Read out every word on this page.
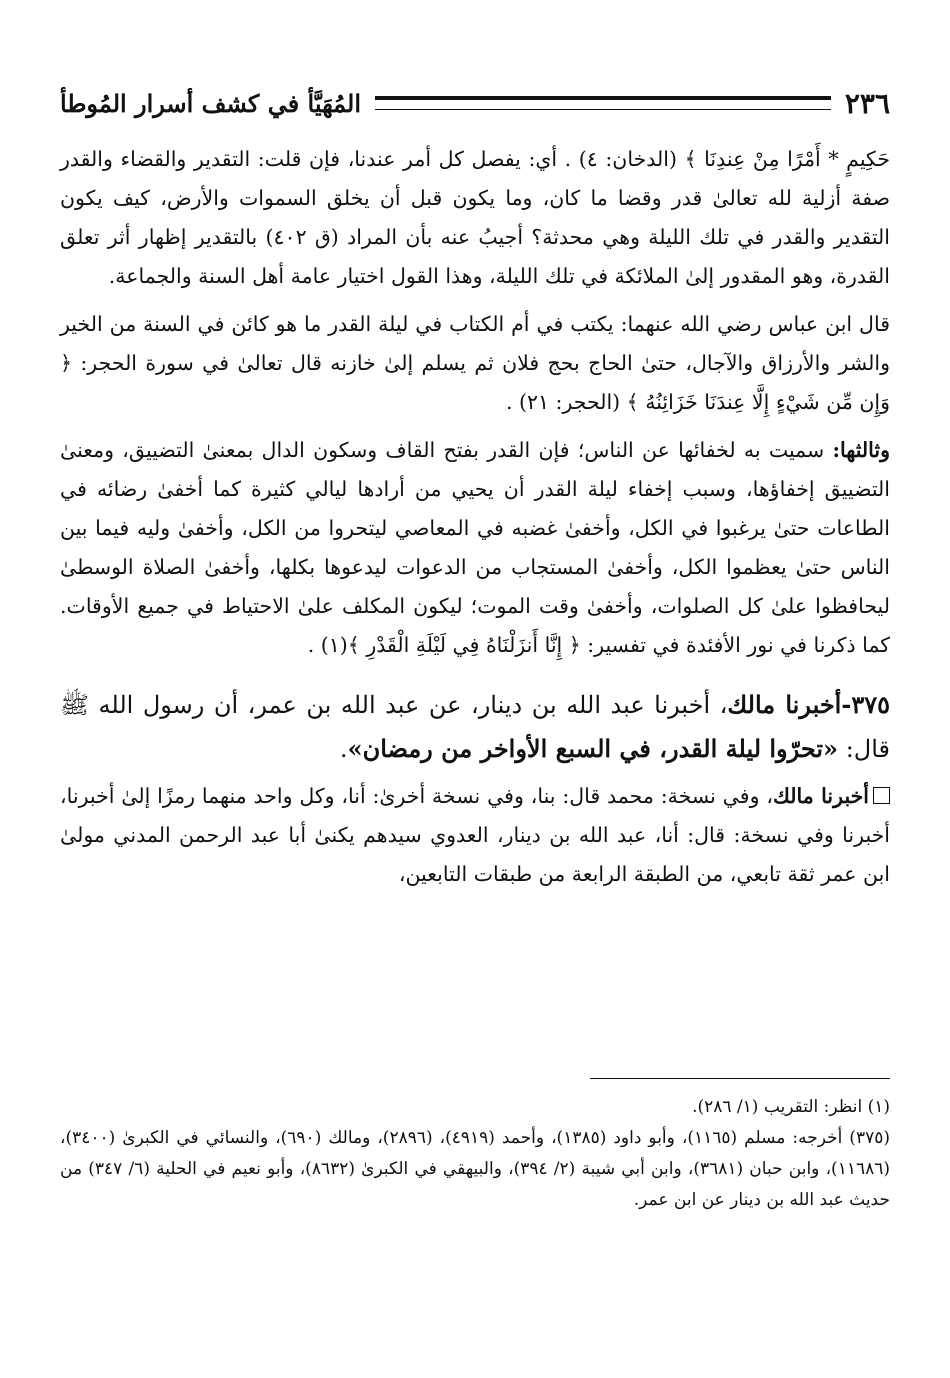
٢٣٦
المُهَيَّأ في كشف أسرار المُوطأ

حَكِيمٍ * أَمْرًا مِنْ عِندِنَا ﴾ (الدخان: ٤) . أي: يفصل كل أمر عندنا، فإن قلت: التقدير والقضاء والقدر صفة أزلية لله تعالىٰ قدر وقضا ما كان، وما يكون قبل أن يخلق السموات والأرض، كيف يكون التقدير والقدر في تلك الليلة وهي محدثة؟ أجيبُ عنه بأن المراد (ق ٤٠٢) بالتقدير إظهار أثر تعلق القدرة، وهو المقدور إلىٰ الملائكة في تلك الليلة، وهذا القول اختيار عامة أهل السنة والجماعة.

قال ابن عباس رضي الله عنهما: يكتب في أم الكتاب في ليلة القدر ما هو كائن في السنة من الخير والشر والأرزاق والآجال، حتىٰ الحاج بحج فلان ثم يسلم إلىٰ خازنه قال تعالىٰ في سورة الحجر: ﴿ وَإِن مِّن شَيْءٍ إِلَّا عِندَنَا خَزَائِنُهُ ﴾ (الحجر: ٢١) .

وثالثها: سميت به لخفائها عن الناس؛ فإن القدر بفتح القاف وسكون الدال بمعنىٰ التضييق، ومعنىٰ التضييق إخفاؤها، وسبب إخفاء ليلة القدر أن يحيي من أرادها ليالي كثيرة كما أخفىٰ رضائه في الطاعات حتىٰ يرغبوا في الكل، وأخفىٰ غضبه في المعاصي ليتحروا من الكل، وأخفىٰ وليه فيما بين الناس حتىٰ يعظموا الكل، وأخفىٰ المستجاب من الدعوات ليدعوها بكلها، وأخفىٰ الصلاة الوسطىٰ ليحافظوا علىٰ كل الصلوات، وأخفىٰ وقت الموت؛ ليكون المكلف علىٰ الاحتياط في جميع الأوقات. كما ذكرنا في نور الأفئدة في تفسير: ﴿ إِنَّا أَنزَلْنَاهُ فِي لَيْلَةِ الْقَدْرِ ﴾(١) .

٣٧٥-أخبرنا مالك، أخبرنا عبد الله بن دينار، عن عبد الله بن عمر، أن رسول الله ﷺ قال: «تحرّوا ليلة القدر، في السبع الأواخر من رمضان».

أخبرنا مالك، وفي نسخة: محمد قال: بنا، وفي نسخة أخرىٰ: أنا، وكل واحد منهما رمزًا إلىٰ أخبرنا، أخبرنا وفي نسخة: قال: أنا، عبد الله بن دينار، العدوي سيدهم يكنىٰ أبا عبد الرحمن المدني مولىٰ ابن عمر ثقة تابعي، من الطبقة الرابعة من طبقات التابعين،

(١) انظر: التقريب (١/ ٢٨٦).

(٣٧٥) أخرجه: مسلم (١١٦٥)، وأبو داود (١٣٨٥)، وأحمد (٤٩١٩)، (٢٨٩٦)، ومالك (٦٩٠)، والنسائي في الكبرىٰ (٣٤٠٠)، (١١٦٨٦)، وابن حبان (٣٦٨١)، وابن أبي شيبة (٢/ ٣٩٤)، والبيهقي في الكبرىٰ (٨٦٣٢)، وأبو نعيم في الحلية (٦/ ٣٤٧) من حديث عبد الله بن دينار عن ابن عمر.
